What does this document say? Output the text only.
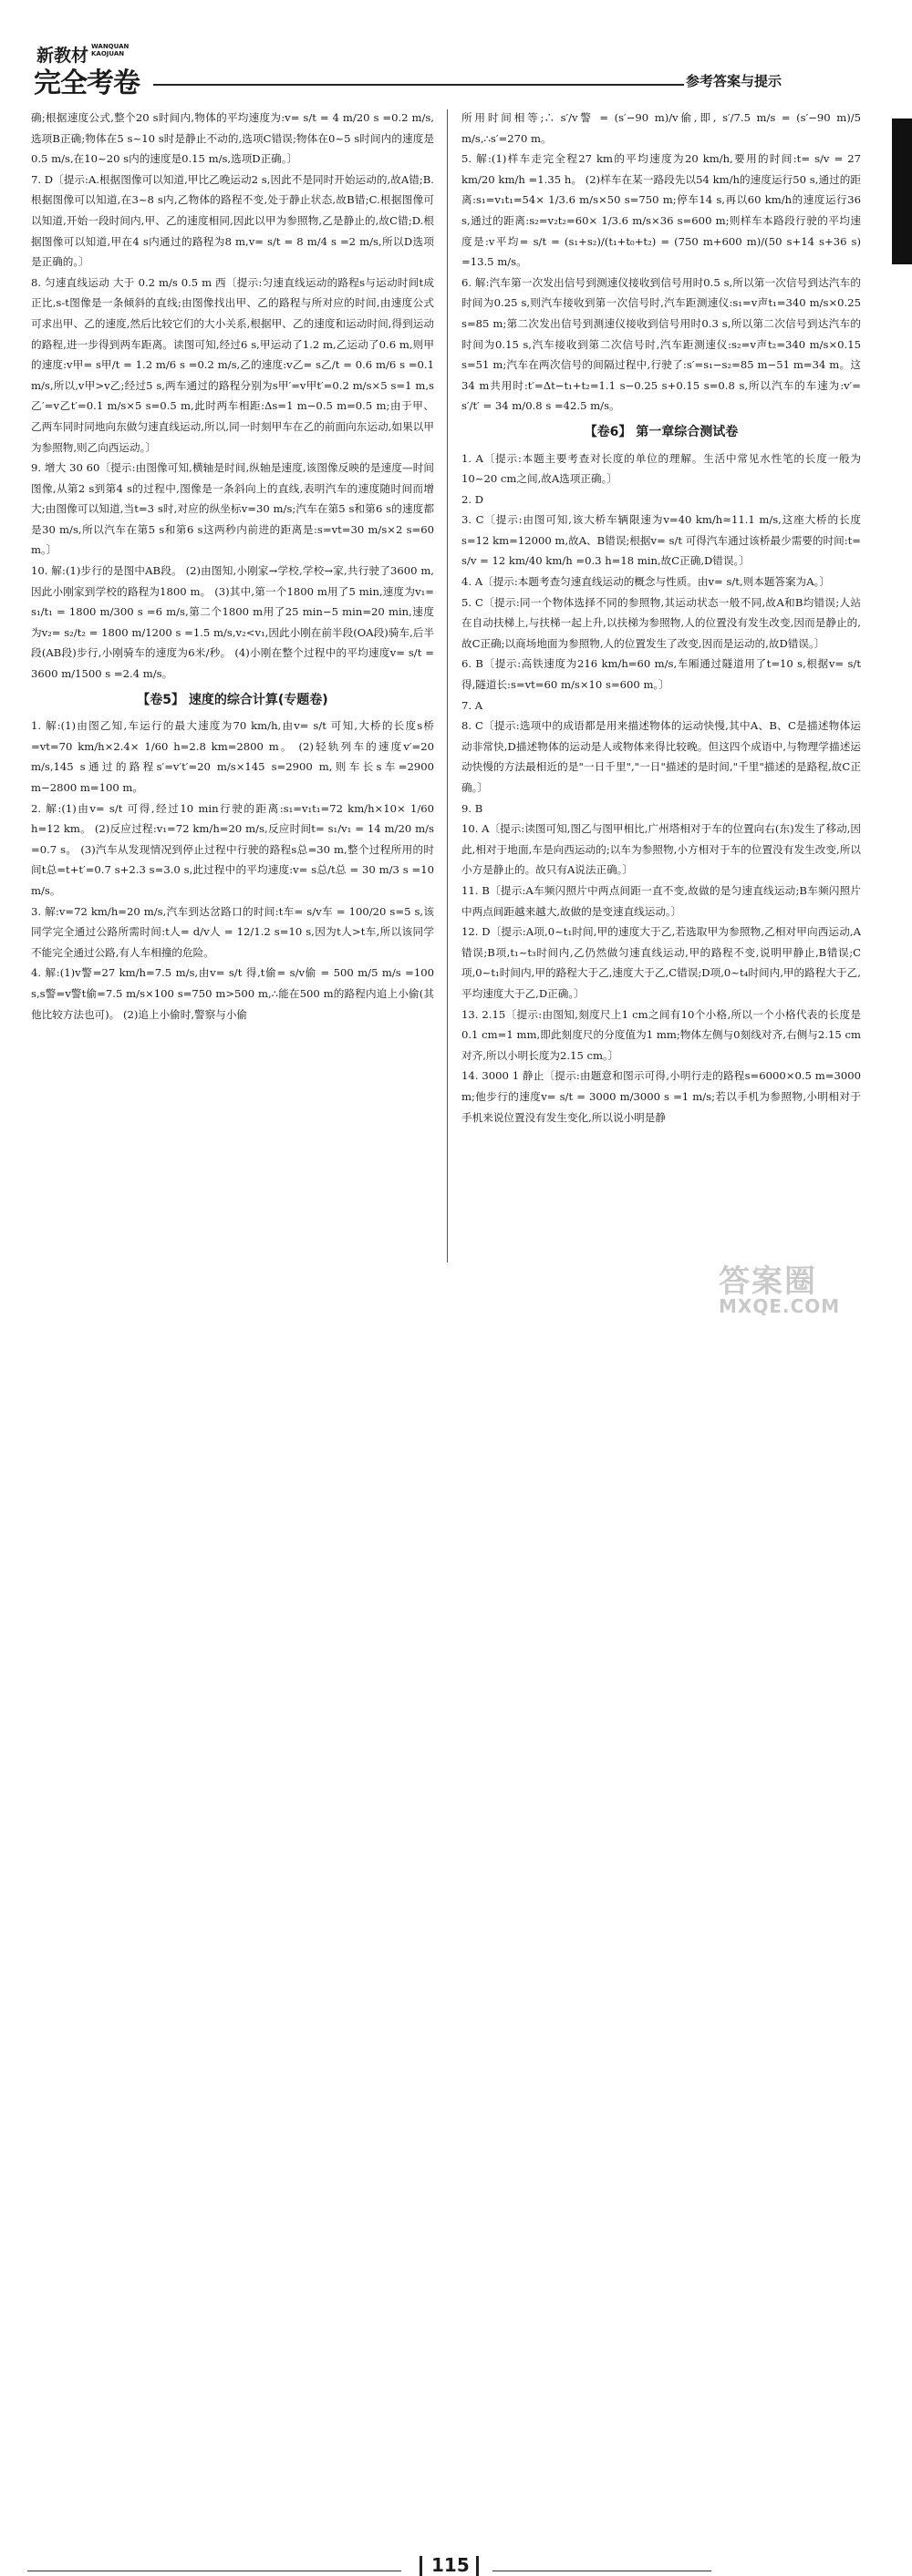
新教材 WANQUAN
KAOJUAN
完全考卷	参考答案与提示

确;根据速度公式,整个20 s时间内,物体的平均速度为:v= s/t = 4 m/20 s =0.2 m/s,选项B正确;物体在5 s~10 s时是静止不动的,选项C错误;物体在0~5 s时间内的速度是0.5 m/s,在10~20 s内的速度是0.15 m/s,选项D正确。〕

7. D〔提示:A.根据图像可以知道,甲比乙晚运动2 s,因此不是同时开始运动的,故A错;B.根据图像可以知道,在3~8 s内,乙物体的路程不变,处于静止状态,故B错;C.根据图像可以知道,开始一段时间内,甲、乙的速度相同,因此以甲为参照物,乙是静止的,故C错;D.根据图像可以知道,甲在4 s内通过的路程为8 m,v= s/t = 8 m/4 s =2 m/s,所以D选项是正确的。〕

8. 匀速直线运动 大于 0.2 m/s 0.5 m 西〔提示:匀速直线运动的路程s与运动时间t成正比,s-t图像是一条倾斜的直线;由图像找出甲、乙的路程与所对应的时间,由速度公式可求出甲、乙的速度,然后比较它们的大小关系,根据甲、乙的速度和运动时间,得到运动的路程,进一步得到两车距离。读图可知,经过6 s,甲运动了1.2 m,乙运动了0.6 m,则甲的速度:v甲= s甲/t = 1.2 m/6 s =0.2 m/s,乙的速度:v乙= s乙/t = 0.6 m/6 s =0.1 m/s,所以,v甲>v乙;经过5 s,两车通过的路程分别为s甲′=v甲t′=0.2 m/s×5 s=1 m,s乙′=v乙t′=0.1 m/s×5 s=0.5 m,此时两车相距:Δs=1 m−0.5 m=0.5 m;由于甲、乙两车同时同地向东做匀速直线运动,所以,同一时刻甲车在乙的前面向东运动,如果以甲为参照物,则乙向西运动。〕

9. 增大 30 60〔提示:由图像可知,横轴是时间,纵轴是速度,该图像反映的是速度—时间图像,从第2 s到第4 s的过程中,图像是一条斜向上的直线,表明汽车的速度随时间而增大;由图像可以知道,当t=3 s时,对应的纵坐标v=30 m/s;汽车在第5 s和第6 s的速度都是30 m/s,所以汽车在第5 s和第6 s这两秒内前进的距离是:s=vt=30 m/s×2 s=60 m。〕

10. 解:(1)步行的是图中AB段。 (2)由图知,小刚家→学校,学校→家,共行驶了3600 m,因此小刚家到学校的路程为1800 m。 (3)其中,第一个1800 m用了5 min,速度为v₁= s₁/t₁ = 1800 m/300 s =6 m/s,第二个1800 m用了25 min−5 min=20 min,速度为v₂= s₂/t₂ = 1800 m/1200 s =1.5 m/s,v₂<v₁,因此小刚在前半段(OA段)骑车,后半段(AB段)步行,小刚骑车的速度为6米/秒。 (4)小刚在整个过程中的平均速度v= s/t = 3600 m/1500 s =2.4 m/s。

【卷5】 速度的综合计算(专题卷)

1. 解:(1)由图乙知,车运行的最大速度为70 km/h,由v= s/t 可知,大桥的长度s桥=vt=70 km/h×2.4× 1/60 h=2.8 km=2800 m。 (2)轻轨列车的速度v′=20 m/s,145 s通过的路程s′=v′t′=20 m/s×145 s=2900 m,则车长s车=2900 m−2800 m=100 m。

2. 解:(1)由v= s/t 可得,经过10 min行驶的距离:s₁=v₁t₁=72 km/h×10× 1/60 h=12 km。 (2)反应过程:v₁=72 km/h=20 m/s,反应时间t= s₁/v₁ = 14 m/20 m/s =0.7 s。 (3)汽车从发现情况到停止过程中行驶的路程s总=30 m,整个过程所用的时间t总=t+t′=0.7 s+2.3 s=3.0 s,此过程中的平均速度:v= s总/t总 = 30 m/3 s =10 m/s。

3. 解:v=72 km/h=20 m/s,汽车到达岔路口的时间:t车= s/v车 = 100/20 s=5 s,该同学完全通过公路所需时间:t人= d/v人 = 12/1.2 s=10 s,因为t人>t车,所以该同学不能完全通过公路,有人车相撞的危险。

4. 解:(1)v警=27 km/h=7.5 m/s,由v= s/t 得,t偷= s/v偷 = 500 m/5 m/s =100 s,s警=v警t偷=7.5 m/s×100 s=750 m>500 m,∴能在500 m的路程内追上小偷(其他比较方法也可)。 (2)追上小偷时,警察与小偷

所用时间相等;∴ s′/v警 = (s′−90 m)/v偷,即, s′/7.5 m/s = (s′−90 m)/5 m/s,∴s′=270 m。

5. 解:(1)样车走完全程27 km的平均速度为20 km/h,要用的时间:t= s/v = 27 km/20 km/h =1.35 h。 (2)样车在某一路段先以54 km/h的速度运行50 s,通过的距离:s₁=v₁t₁=54× 1/3.6 m/s×50 s=750 m;停车14 s,再以60 km/h的速度运行36 s,通过的距离:s₂=v₂t₂=60× 1/3.6 m/s×36 s=600 m;则样车本路段行驶的平均速度是:v平均= s/t = (s₁+s₂)/(t₁+t₀+t₂) = (750 m+600 m)/(50 s+14 s+36 s) =13.5 m/s。

6. 解:汽车第一次发出信号到测速仪接收到信号用时0.5 s,所以第一次信号到达汽车的时间为0.25 s,则汽车接收到第一次信号时,汽车距测速仪:s₁=v声t₁=340 m/s×0.25 s=85 m;第二次发出信号到测速仪接收到信号用时0.3 s,所以第二次信号到达汽车的时间为0.15 s,汽车接收到第二次信号时,汽车距测速仪:s₂=v声t₂=340 m/s×0.15 s=51 m;汽车在两次信号的间隔过程中,行驶了:s′=s₁−s₂=85 m−51 m=34 m。这34 m共用时:t′=Δt−t₁+t₂=1.1 s−0.25 s+0.15 s=0.8 s,所以汽车的车速为:v′= s′/t′ = 34 m/0.8 s =42.5 m/s。

【卷6】 第一章综合测试卷

1. A〔提示:本题主要考查对长度的单位的理解。生活中常见水性笔的长度一般为10~20 cm之间,故A选项正确。〕

2. D

3. C〔提示:由图可知,该大桥车辆限速为v=40 km/h≈11.1 m/s,这座大桥的长度s=12 km=12000 m,故A、B错误;根据v= s/t 可得汽车通过该桥最少需要的时间:t= s/v = 12 km/40 km/h =0.3 h=18 min,故C正确,D错误。〕

4. A〔提示:本题考查匀速直线运动的概念与性质。由v= s/t,则本题答案为A。〕

5. C〔提示:同一个物体选择不同的参照物,其运动状态一般不同,故A和B均错误;人站在自动扶梯上,与扶梯一起上升,以扶梯为参照物,人的位置没有发生改变,因而是静止的,故C正确;以商场地面为参照物,人的位置发生了改变,因而是运动的,故D错误。〕

6. B〔提示:高铁速度为216 km/h=60 m/s,车厢通过隧道用了t=10 s,根据v= s/t 得,隧道长:s=vt=60 m/s×10 s=600 m。〕

7. A

8. C〔提示:选项中的成语都是用来描述物体的运动快慢,其中A、B、C是描述物体运动非常快,D描述物体的运动是人或物体来得比较晚。但这四个成语中,与物理学描述运动快慢的方法最相近的是"一日千里","一日"描述的是时间,"千里"描述的是路程,故C正确。〕

9. B

10. A〔提示:读图可知,图乙与图甲相比,广州塔相对于车的位置向右(东)发生了移动,因此,相对于地面,车是向西运动的;以车为参照物,小方相对于车的位置没有发生改变,所以小方是静止的。故只有A说法正确。〕

11. B〔提示:A车频闪照片中两点间距一直不变,故做的是匀速直线运动;B车频闪照片中两点间距越来越大,故做的是变速直线运动。〕

12. D〔提示:A项,0~t₁时间,甲的速度大于乙,若选取甲为参照物,乙相对甲向西运动,A错误;B项,t₁~t₃时间内,乙仍然做匀速直线运动,甲的路程不变,说明甲静止,B错误;C项,0~t₁时间内,甲的路程大于乙,速度大于乙,C错误;D项,0~t₄时间内,甲的路程大于乙,平均速度大于乙,D正确。〕

13. 2.15〔提示:由图知,刻度尺上1 cm之间有10个小格,所以一个小格代表的长度是0.1 cm=1 mm,即此刻度尺的分度值为1 mm;物体左侧与0刻线对齐,右侧与2.15 cm对齐,所以小明长度为2.15 cm。〕

14. 3000 1 静止〔提示:由题意和图示可得,小明行走的路程s=6000×0.5 m=3000 m;他步行的速度v= s/t = 3000 m/3000 s =1 m/s;若以手机为参照物,小明相对于手机来说位置没有发生变化,所以说小明是静

115
答案圈
MXQE.COM
